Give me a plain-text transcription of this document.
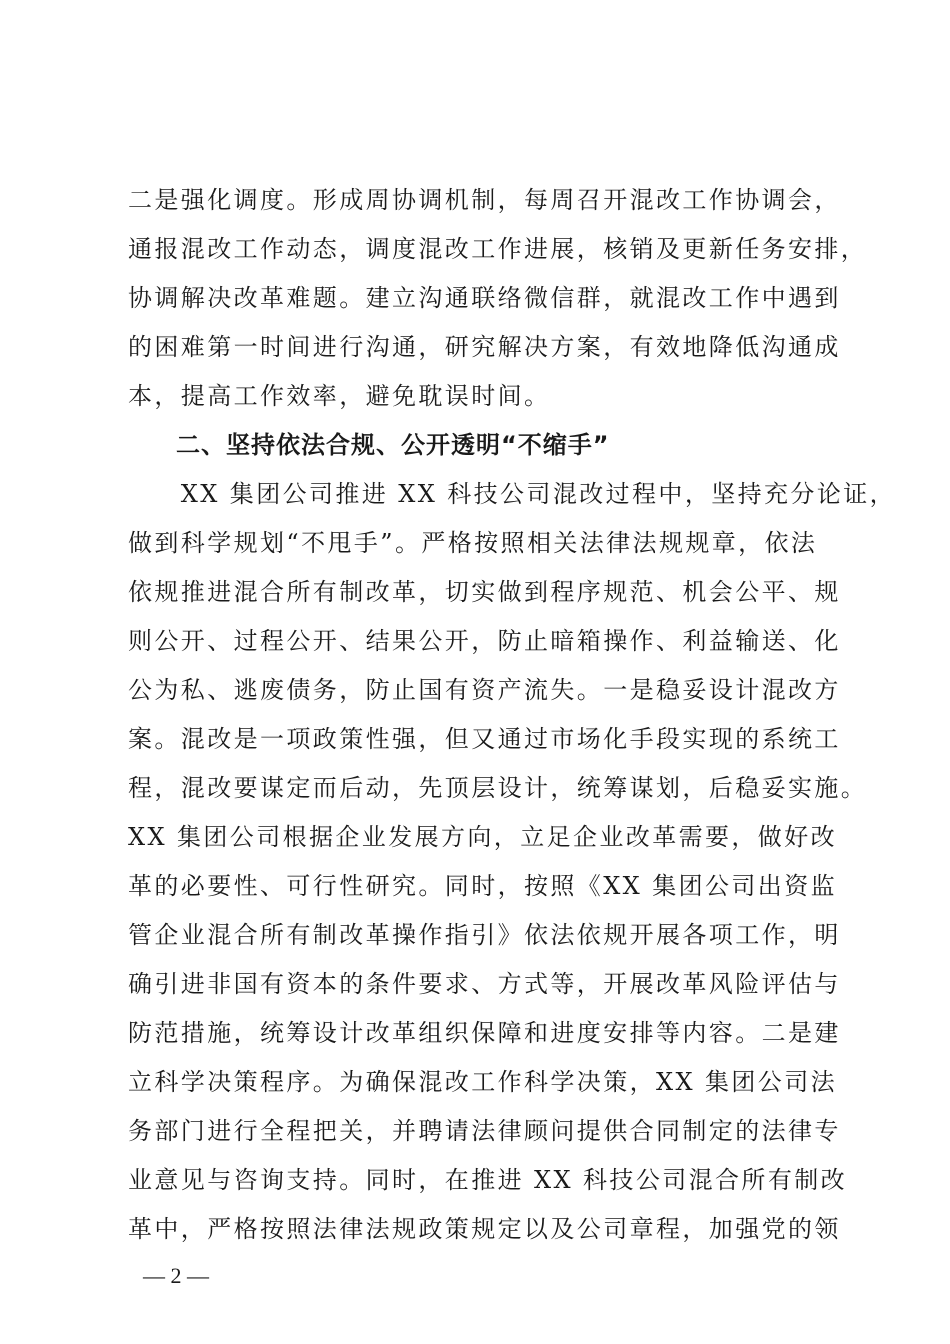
二是强化调度。形成周协调机制，每周召开混改工作协调会，
通报混改工作动态，调度混改工作进展，核销及更新任务安排，
协调解决改革难题。建立沟通联络微信群，就混改工作中遇到
的困难第一时间进行沟通，研究解决方案，有效地降低沟通成
本，提高工作效率，避免耽误时间。
二、坚持依法合规、公开透明“不缩手”
　　XX 集团公司推进 XX 科技公司混改过程中，坚持充分论证，
做到科学规划“不甩手”。严格按照相关法律法规规章，依法
依规推进混合所有制改革，切实做到程序规范、机会公平、规
则公开、过程公开、结果公开，防止暗箱操作、利益输送、化
公为私、逃废债务，防止国有资产流失。一是稳妥设计混改方
案。混改是一项政策性强，但又通过市场化手段实现的系统工
程，混改要谋定而后动，先顶层设计，统筹谋划，后稳妥实施。
XX 集团公司根据企业发展方向，立足企业改革需要，做好改
革的必要性、可行性研究。同时，按照《XX 集团公司出资监
管企业混合所有制改革操作指引》依法依规开展各项工作，明
确引进非国有资本的条件要求、方式等，开展改革风险评估与
防范措施，统筹设计改革组织保障和进度安排等内容。二是建
立科学决策程序。为确保混改工作科学决策，XX 集团公司法
务部门进行全程把关，并聘请法律顾问提供合同制定的法律专
业意见与咨询支持。同时，在推进 XX 科技公司混合所有制改
革中，严格按照法律法规政策规定以及公司章程，加强党的领
— 2 —
